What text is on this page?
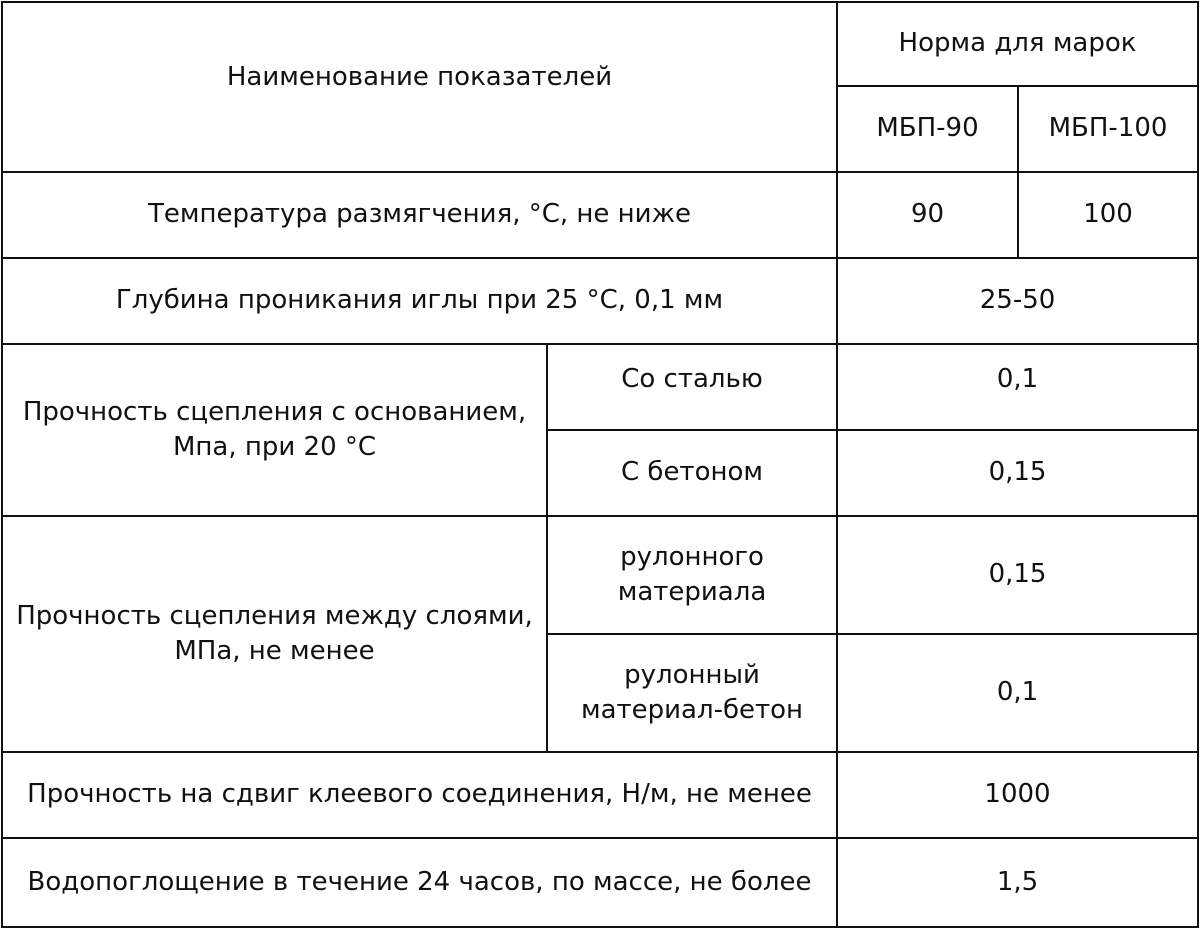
Наименование показателей		Норма для марок	
		МБП-90	МБП-100
Температура размягчения, °С, не ниже		90	100
Глубина проникания иглы при 25 °С, 0,1 мм		25-50	
Прочность сцепления с основанием, Мпа, при 20 °С	Со сталью	0,1	
	С бетоном	0,15	
Прочность сцепления между слоями, МПа, не менее	рулонного материала	0,15	
	рулонный материал-бетон	0,1	
Прочность на сдвиг клеевого соединения, Н/м, не менее		1000	
Водопоглощение в течение 24 часов, по массе, не более		1,5	
